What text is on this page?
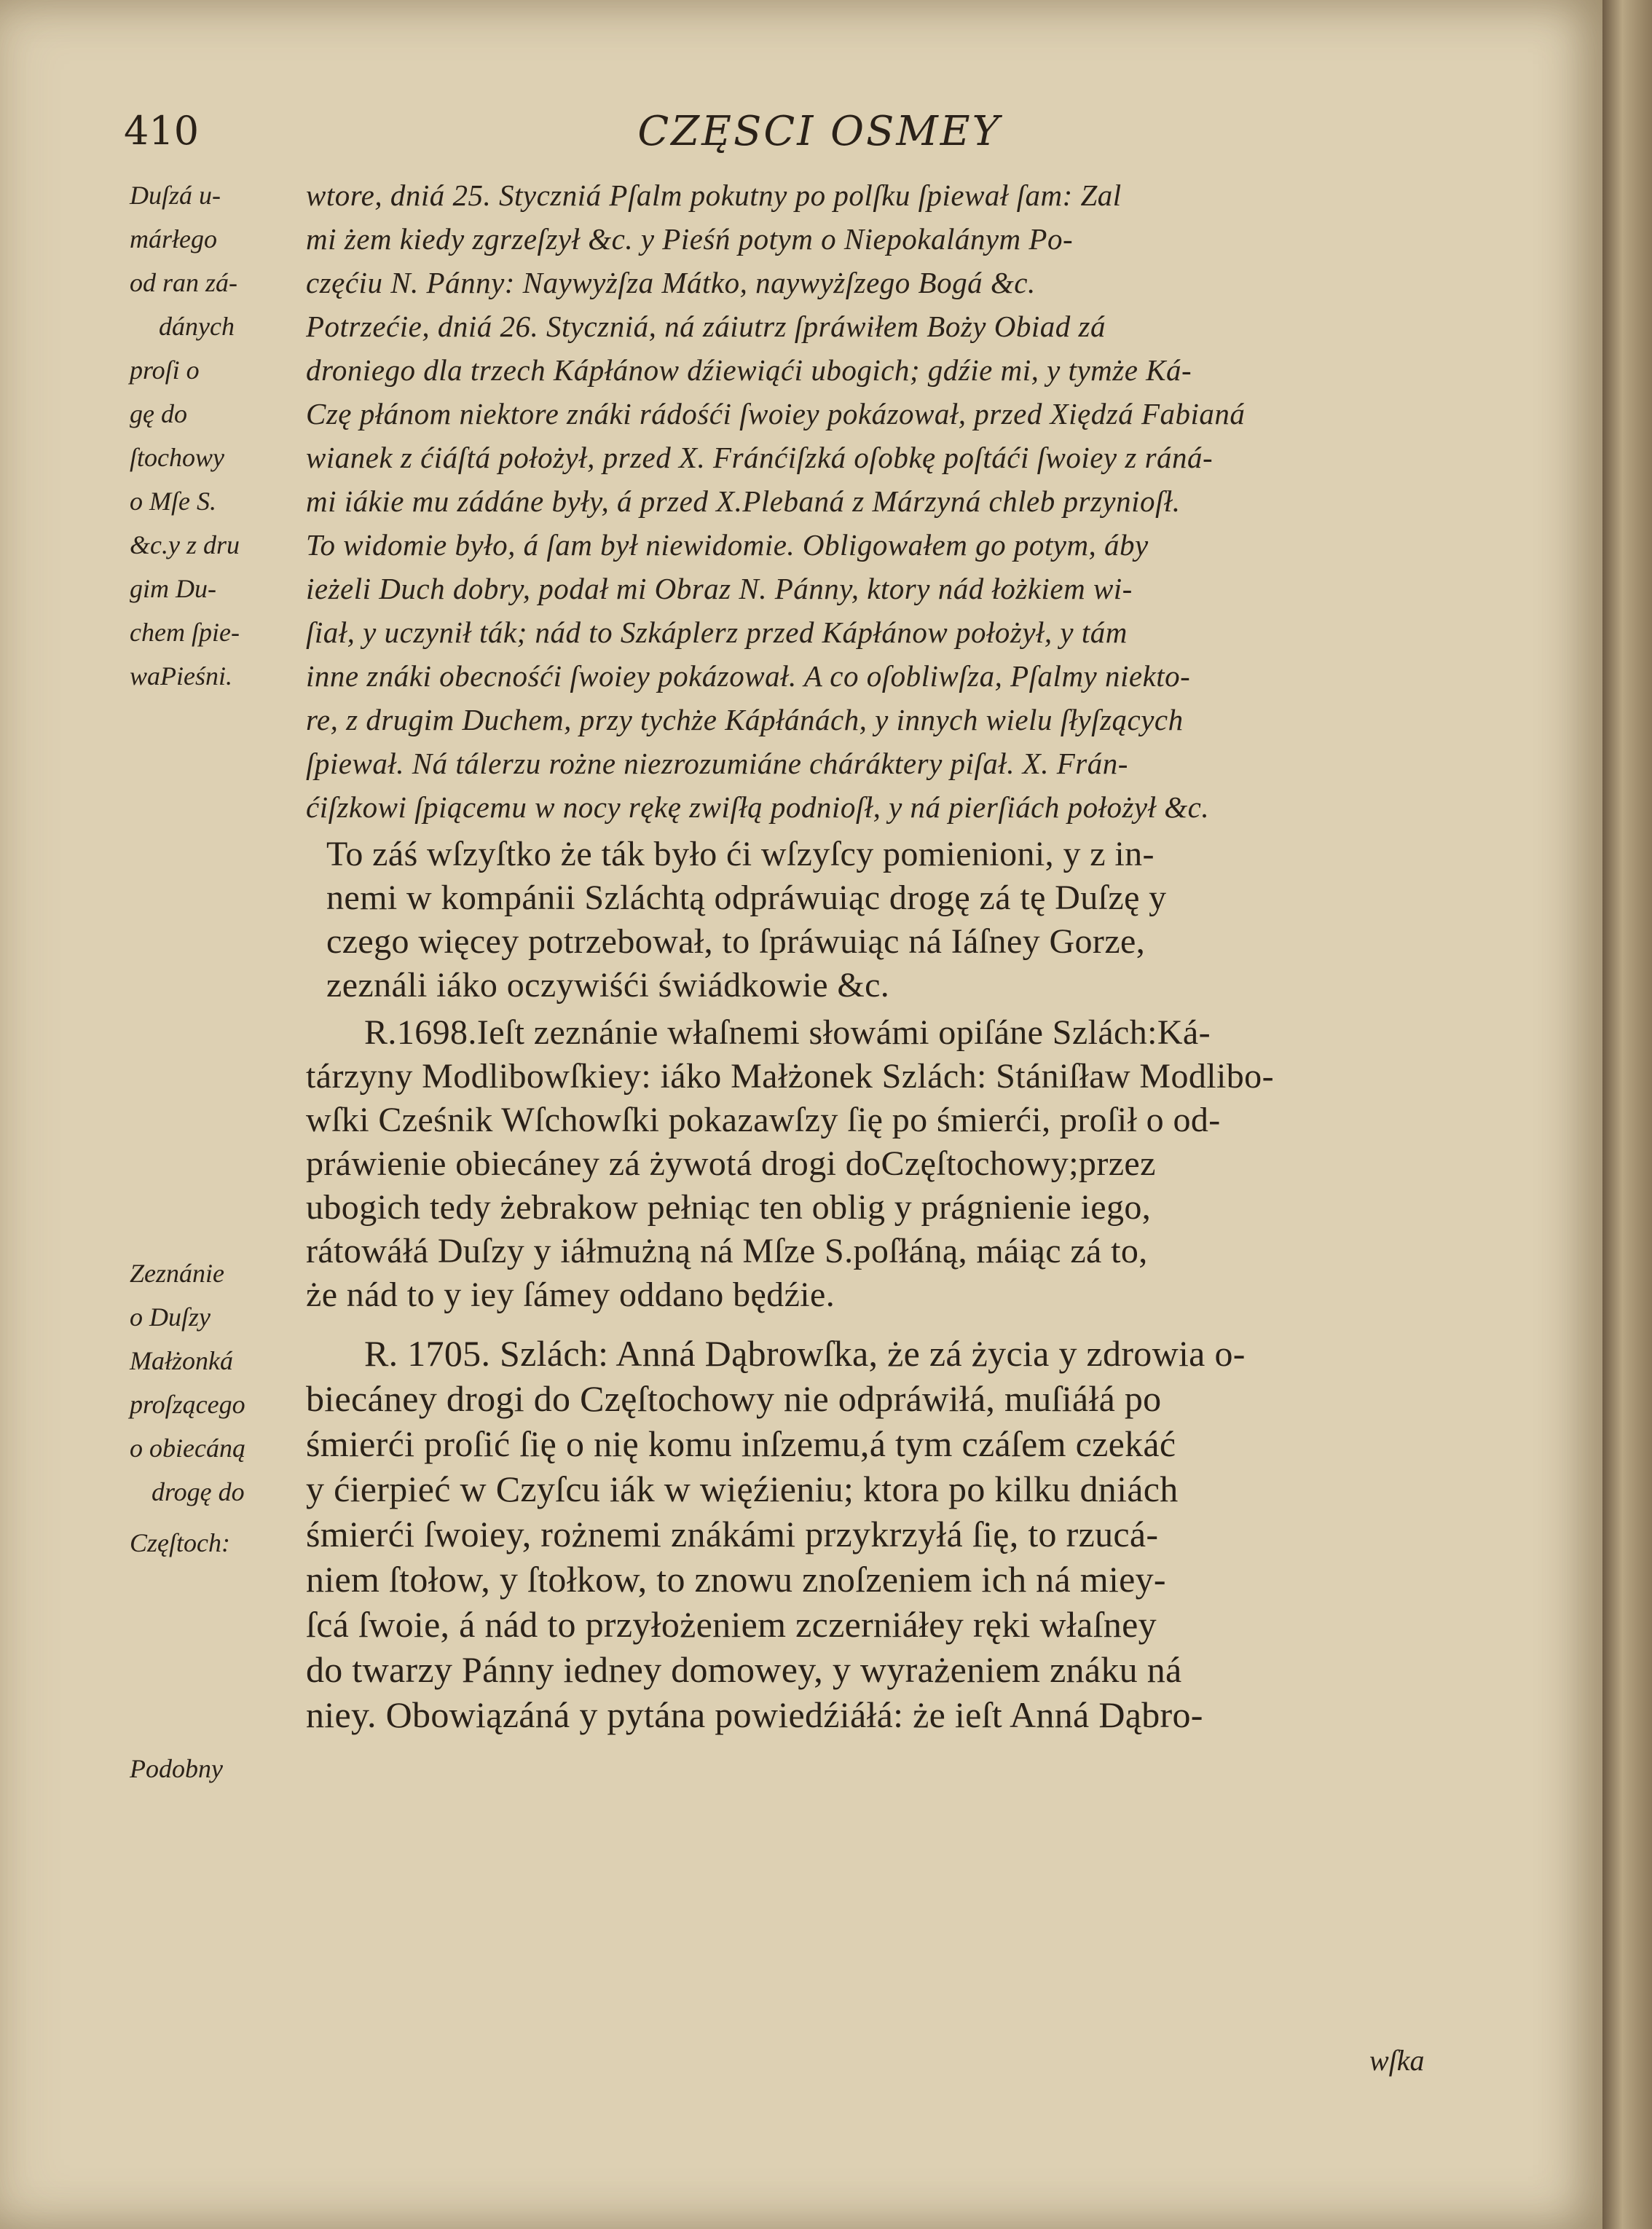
410	CZĘSCI OSMEY
Duſzá u-
márłego
od ran zá-
dánych
proſi o
gę do
ſtochowy
o Mſe S.
&c.y z dru
gim Du-
chem ſpie-
waPieśni.
Zeznánie
o Duſzy
Małżonká
proſzącego
o obiecáną
drogę do
Częſtoch:
Podobny
wtore, dniá 25. Styczniá Pſalm pokutny po polſku ſpiewał ſam: Zal
mi żem kiedy zgrzeſzył &c. y Pieśń potym o Niepokalánym Po-
częćiu N. Pánny: Naywyżſza Mátko, naywyżſzego Bogá &c.
Potrzećie, dniá 26. Styczniá, ná záiutrz ſpráwiłem Boży Obiad zá
droniego dla trzech Kápłánow dźiewiąći ubogich; gdźie mi, y tymże Ká-
Czę płánom niektore znáki rádośći ſwoiey pokázował, przed Xiędzá Fabianá
wianek z ćiáſtá położył, przed X. Fránćiſzká oſobkę poſtáći ſwoiey z ráná-
mi iákie mu zádáne były, á przed X.Plebaná z Márzyná chleb przynioſł.
To widomie było, á ſam był niewidomie. Obligowałem go potym, áby
ieżeli Duch dobry, podał mi Obraz N. Pánny, ktory nád łożkiem wi-
ſiał, y uczynił ták; nád to Szkáplerz przed Kápłánow położył, y tám
inne znáki obecnośći ſwoiey pokázował. A co oſobliwſza, Pſalmy niekto-
re, z drugim Duchem, przy tychże Kápłánách, y innych wielu ſłyſzących
ſpiewał. Ná tálerzu rożne niezrozumiáne chárákterу piſał. X. Frán-
ćiſzkowi ſpiącemu w nocy rękę zwiſłą podnioſł, y ná pierſiách położył &c.
To záś wſzyſtko że ták było ći wſzyſcy pomienioni, y z in-
nemi w kompánii Szláchtą odpráwuiąc drogę zá tę Duſzę y
czego więcey potrzebował, to ſpráwuiąc ná Iáſney Gorze,
zeználi iáko oczywiśći świádkowie &c.
R.1698.Ieſt zeznánie właſnemi słowámi opiſáne Szlách:Ká-
tárzyny Modlibowſkiey: iáko Małżonek Szlách: Stániſław Modlibo-
wſki Cześnik Wſchowſki pokazawſzy ſię po śmierći, proſił o od-
práwienie obiecáney zá żywotá drogi doCzęſtochowy;przez
ubogich tedy żebrakow pełniąc ten oblig y prágnienie iego,
rátowáłá Duſzy y iáłmużną ná Mſze S.poſłáną, máiąc zá to,
że nád to y iey ſámey oddano będźie.
R. 1705. Szlách: Anná Dąbrowſka, że zá życia y zdrowia o-
biecáney drogi do Częſtochowy nie odpráwiłá, muſiáłá po
śmierći proſić ſię o nię komu inſzemu,á tym czáſem czekáć
y ćierpieć w Czyſcu iák w więźieniu; ktora po kilku dniách
śmierći ſwoiey, rożnemi znákámi przykrzyłá ſię, to rzucá-
niem ſtołow, y ſtołkow, to znowu znoſzeniem ich ná miey-
ſcá ſwoie, á nád to przyłożeniem zczerniáłey ręki właſney
do twarzy Pánny iedney domowey, y wyrażeniem znáku ná
niey. Obowiązáná y pytána powiedźiáłá: że ieſt Anná Dąbro-
wſka
